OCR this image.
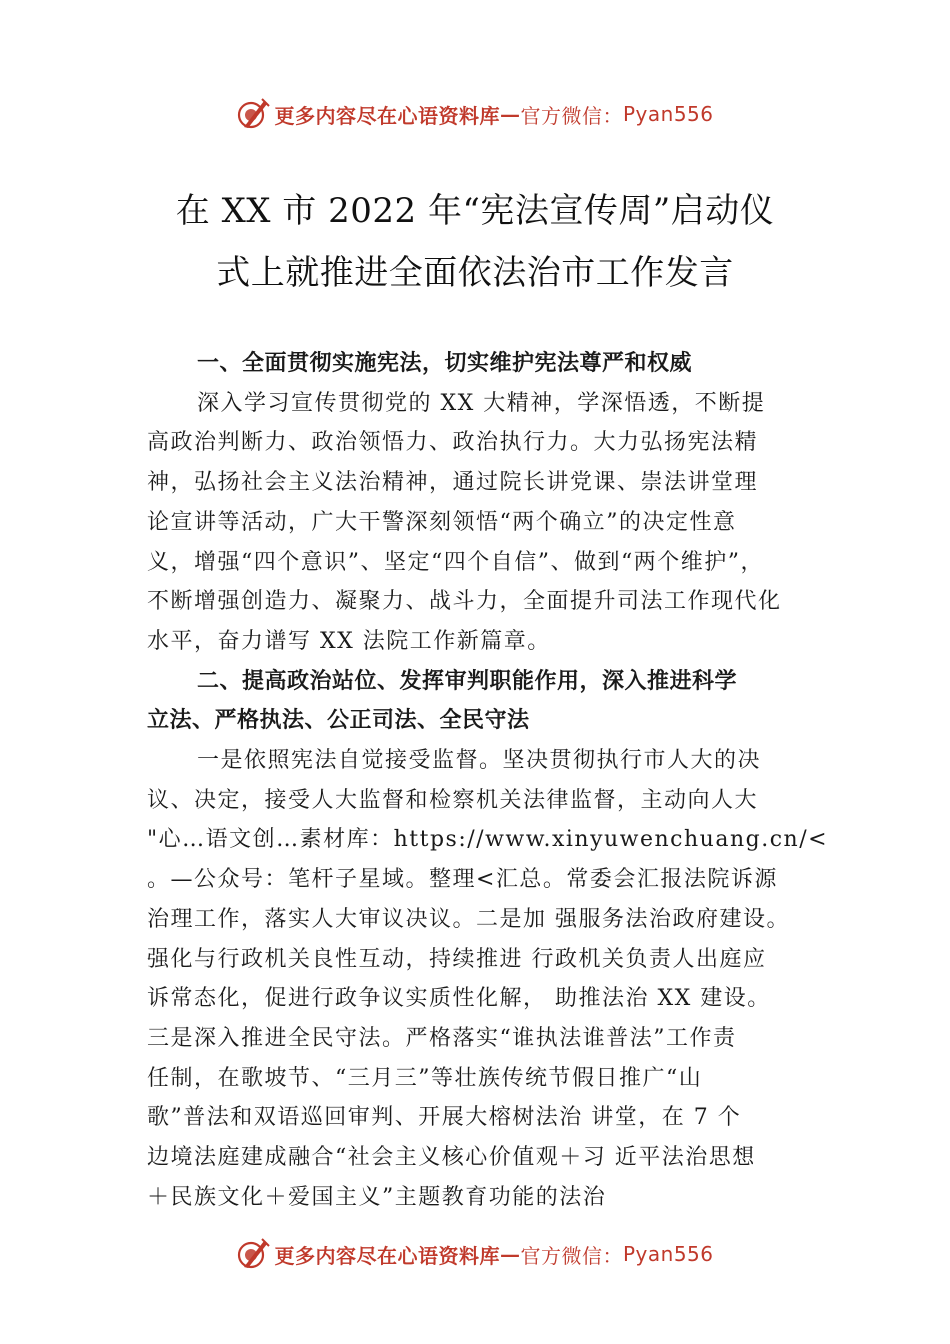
更多内容尽在心语资料库 — 官方微信： Pyan556
在 XX 市 2022 年“宪法宣传周”启动仪
式上就推进全面依法治市工作发言
一、全面贯彻实施宪法，切实维护宪法尊严和权威
深入学习宣传贯彻党的 XX 大精神，学深悟透，不断提
高政治判断力、政治领悟力、政治执行力。大力弘扬宪法精
神，弘扬社会主义法治精神，通过院长讲党课、崇法讲堂理
论宣讲等活动，广大干警深刻领悟“两个确立”的决定性意
义，增强“四个意识”、坚定“四个自信”、做到“两个维护”，
不断增强创造力、凝聚力、战斗力，全面提升司法工作现代化
水平，奋力谱写 XX 法院工作新篇章。
二、提高政治站位、发挥审判职能作用，深入推进科学
立法、严格执法、公正司法、全民守法
一是依照宪法自觉接受监督。坚决贯彻执行市人大的决
议、决定，接受人大监督和检察机关法律监督，主动向人大
"心…语文创…素材库：https://www.xinyuwenchuang.cn/<
。—公众号：笔杆子星域。整理<汇总。常委会汇报法院诉源
治理工作，落实人大审议决议。二是加 强服务法治政府建设。
强化与行政机关良性互动，持续推进 行政机关负责人出庭应
诉常态化，促进行政争议实质性化解， 助推法治 XX 建设。
三是深入推进全民守法。严格落实“谁执法谁普法”工作责
任制，在歌坡节、“三月三”等壮族传统节假日推广“山
歌”普法和双语巡回审判、开展大榕树法治 讲堂，在 7 个
边境法庭建成融合“社会主义核心价值观＋习 近平法治思想
＋民族文化＋爱国主义”主题教育功能的法治
更多内容尽在心语资料库 — 官方微信： Pyan556
